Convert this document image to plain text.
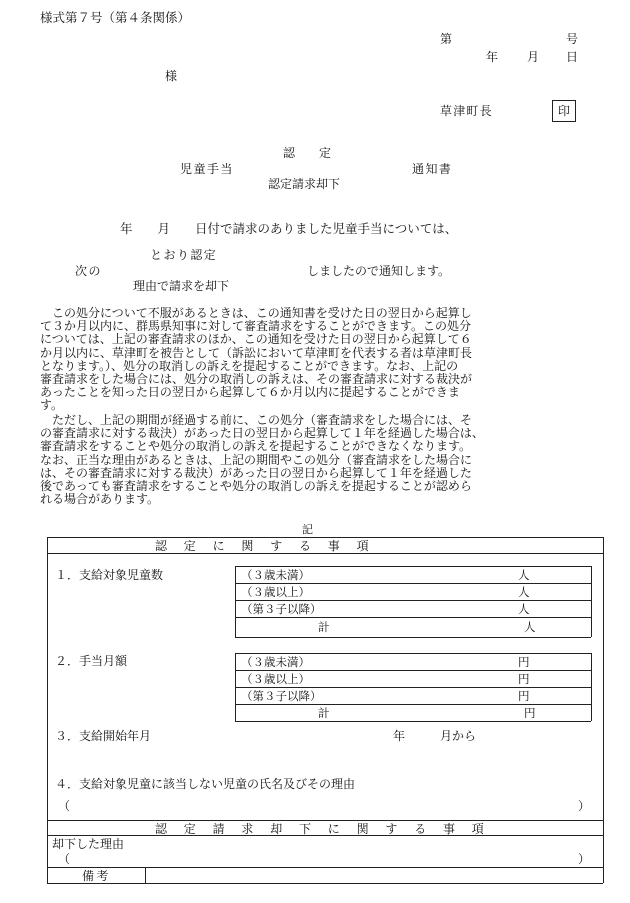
様式第７号（第４条関係）
第	号
年 月 日
様
草津町長	印
認　　定
児童手当	通知書
認定請求却下
年　　月　　日付で請求のありました児童手当については、
とおり認定
次の	しましたので通知します。
理由で請求を却下
　この処分について不服があるときは、この通知書を受けた日の翌日から起算し
て３か月以内に、群馬県知事に対して審査請求をすることができます。この処分
については、上記の審査請求のほか、この通知を受けた日の翌日から起算して６
か月以内に、草津町を被告として（訴訟において草津町を代表する者は草津町長
となります。）、処分の取消しの訴えを提起することができます。なお、上記の
審査請求をした場合には、処分の取消しの訴えは、その審査請求に対する裁決が
あったことを知った日の翌日から起算して６か月以内に提起することができま
す。
　ただし、上記の期間が経過する前に、この処分（審査請求をした場合には、そ
の審査請求に対する裁決）があった日の翌日から起算して１年を経過した場合は、
審査請求をすることや処分の取消しの訴えを提起することができなくなります。
なお、正当な理由があるときは、上記の期間やこの処分（審査請求をした場合に
は、その審査請求に対する裁決）があった日の翌日から起算して１年を経過した
後であっても審査請求をすることや処分の取消しの訴えを提起することが認めら
れる場合があります。
記
認　定　に　関　す　る　事　項
１．支給対象児童数	（３歳未満）	人
（３歳以上）	人
（第３子以降）	人
計	人
２．手当月額	（３歳未満）	円
（３歳以上）	円
（第３子以降）	円
計	円
３．支給開始年月	年	月から
４．支給対象児童に該当しない児童の氏名及びその理由
（	）
認　定　請　求　却　下　に　関　す　る　事　項
却下した理由
（	）
備考
